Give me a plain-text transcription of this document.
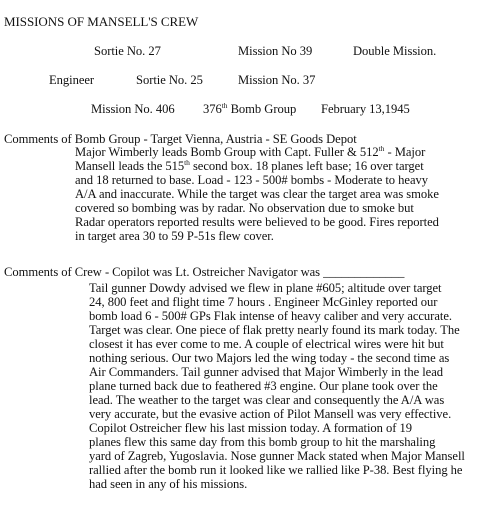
MISSIONS OF MANSELL'S CREW
Sortie No. 27	Mission No 39	Double Mission.
Engineer	Sortie No. 25	Mission No. 37
Mission No. 406 376th Bomb Group February 13,1945
Comments of Bomb Group - Target Vienna, Austria - SE Goods Depot
Major Wimberly leads Bomb Group with Capt. Fuller & 512th - Major
Mansell leads the 515th second box. 18 planes left base; 16 over target
and 18 returned to base. Load - 123 - 500# bombs - Moderate to heavy
A/A and inaccurate. While the target was clear the target area was smoke
covered so bombing was by radar. No observation due to smoke but
Radar operators reported results were believed to be good. Fires reported
in target area 30 to 59 P-51s flew cover.
Comments of Crew - Copilot was Lt. Ostreicher Navigator was _____________
Tail gunner Dowdy advised we flew in plane #605; altitude over target
24, 800 feet and flight time 7 hours . Engineer McGinley reported our
bomb load 6 - 500# GPs Flak intense of heavy caliber and very accurate.
Target was clear. One piece of flak pretty nearly found its mark today. The
closest it has ever come to me. A couple of electrical wires were hit but
nothing serious. Our two Majors led the wing today - the second time as
Air Commanders. Tail gunner advised that Major Wimberly in the lead
plane turned back due to feathered #3 engine. Our plane took over the
lead. The weather to the target was clear and consequently the A/A was
very accurate, but the evasive action of Pilot Mansell was very effective.
Copilot Ostreicher flew his last mission today. A formation of 19
planes flew this same day from this bomb group to hit the marshaling
yard of Zagreb, Yugoslavia. Nose gunner Mack stated when Major Mansell
rallied after the bomb run it looked like we rallied like P-38. Best flying he
had seen in any of his missions.
